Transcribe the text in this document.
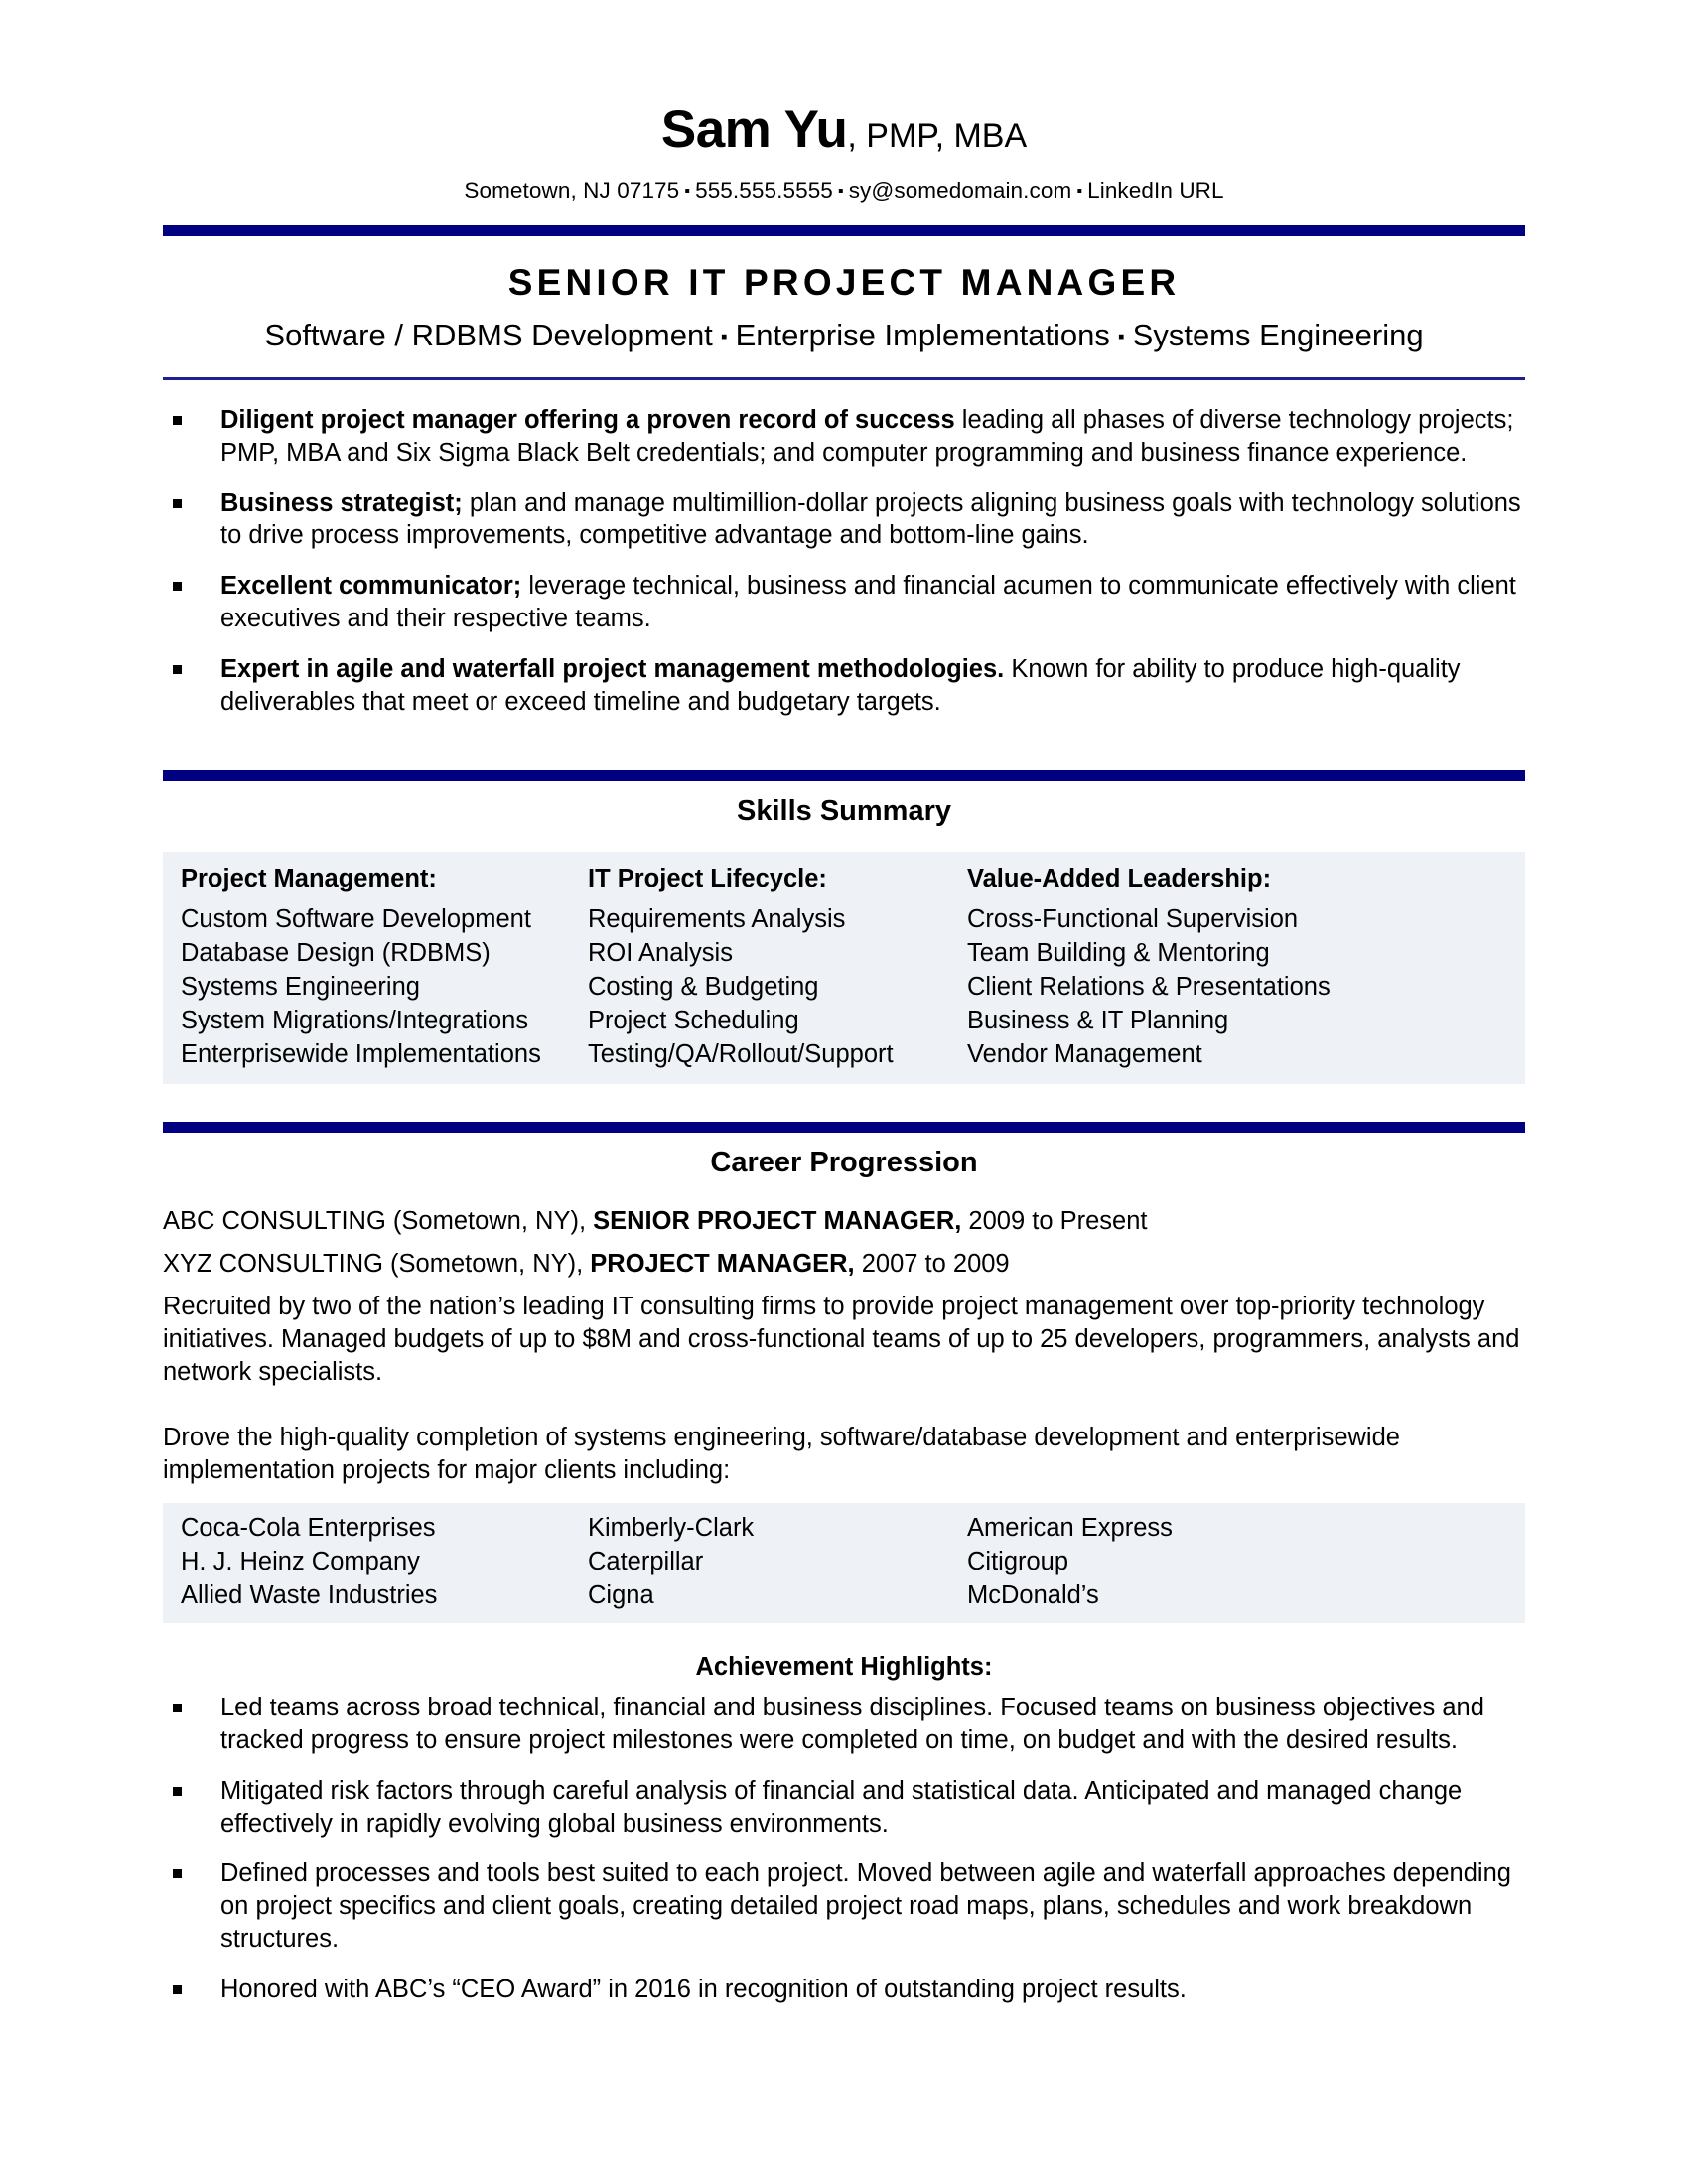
Sam Yu, PMP, MBA
Sometown, NJ 07175 ▪ 555.555.5555 ▪ sy@somedomain.com ▪ LinkedIn URL
SENIOR IT PROJECT MANAGER
Software / RDBMS Development ▪ Enterprise Implementations ▪ Systems Engineering
Diligent project manager offering a proven record of success leading all phases of diverse technology projects; PMP, MBA and Six Sigma Black Belt credentials; and computer programming and business finance experience.
Business strategist; plan and manage multimillion-dollar projects aligning business goals with technology solutions to drive process improvements, competitive advantage and bottom-line gains.
Excellent communicator; leverage technical, business and financial acumen to communicate effectively with client executives and their respective teams.
Expert in agile and waterfall project management methodologies. Known for ability to produce high-quality deliverables that meet or exceed timeline and budgetary targets.
Skills Summary
Project Management:
Custom Software Development
Database Design (RDBMS)
Systems Engineering
System Migrations/Integrations
Enterprisewide Implementations
IT Project Lifecycle:
Requirements Analysis
ROI Analysis
Costing & Budgeting
Project Scheduling
Testing/QA/Rollout/Support
Value-Added Leadership:
Cross-Functional Supervision
Team Building & Mentoring
Client Relations & Presentations
Business & IT Planning
Vendor Management
Career Progression
ABC CONSULTING (Sometown, NY), SENIOR PROJECT MANAGER, 2009 to Present
XYZ CONSULTING (Sometown, NY), PROJECT MANAGER, 2007 to 2009
Recruited by two of the nation’s leading IT consulting firms to provide project management over top-priority technology initiatives. Managed budgets of up to $8M and cross-functional teams of up to 25 developers, programmers, analysts and network specialists.
Drove the high-quality completion of systems engineering, software/database development and enterprisewide implementation projects for major clients including:
Coca-Cola Enterprises
H. J. Heinz Company
Allied Waste Industries
Kimberly-Clark
Caterpillar
Cigna
American Express
Citigroup
McDonald’s
Achievement Highlights:
Led teams across broad technical, financial and business disciplines. Focused teams on business objectives and tracked progress to ensure project milestones were completed on time, on budget and with the desired results.
Mitigated risk factors through careful analysis of financial and statistical data. Anticipated and managed change effectively in rapidly evolving global business environments.
Defined processes and tools best suited to each project. Moved between agile and waterfall approaches depending on project specifics and client goals, creating detailed project road maps, plans, schedules and work breakdown structures.
Honored with ABC’s “CEO Award” in 2016 in recognition of outstanding project results.
